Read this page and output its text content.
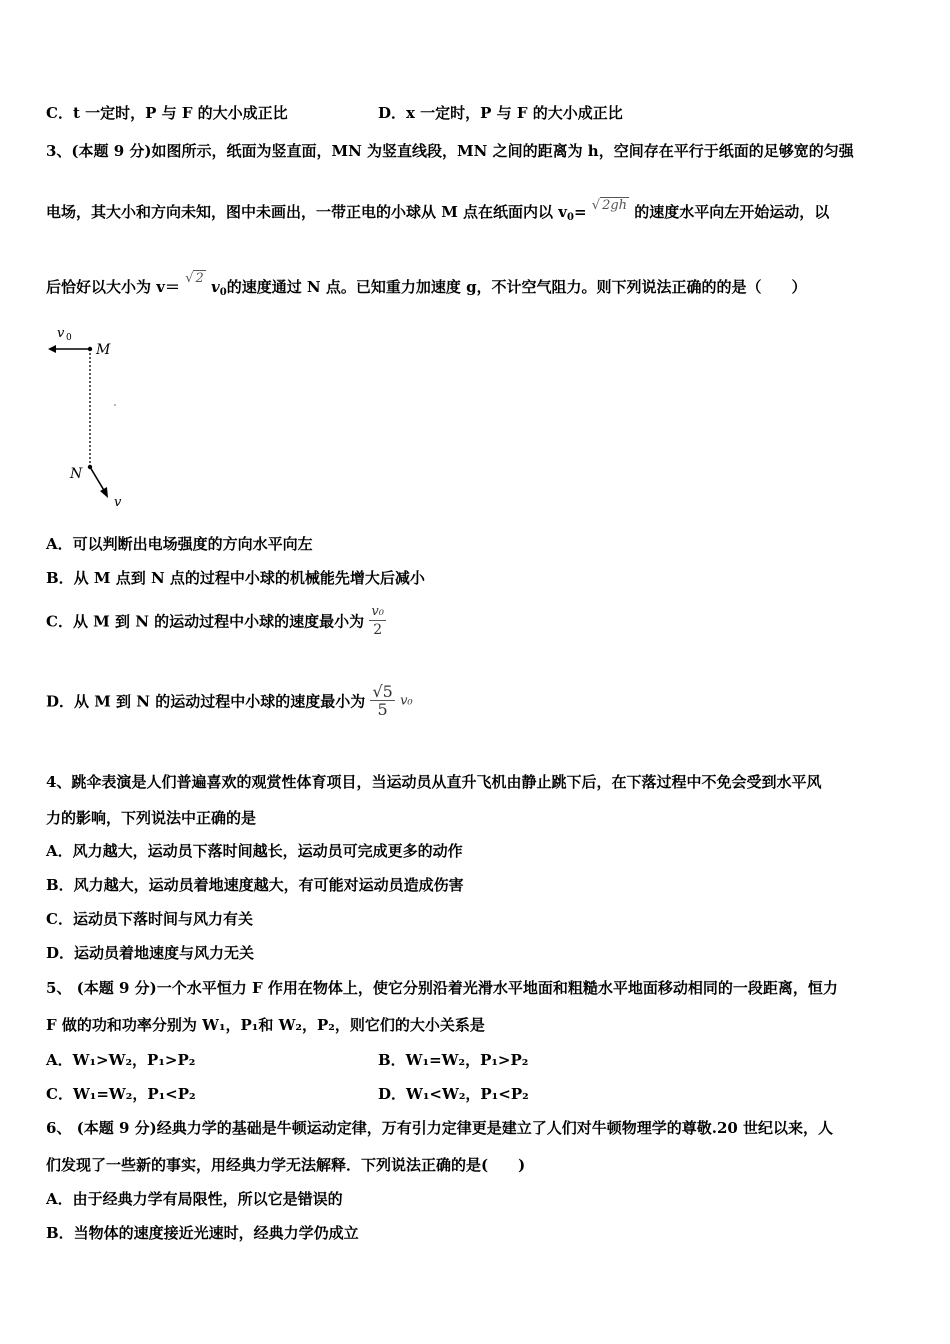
C．t 一定时，P 与 F 的大小成正比	D．x 一定时，P 与 F 的大小成正比
3、(本题 9 分)如图所示，纸面为竖直面，MN 为竖直线段，MN 之间的距离为 h，空间存在平行于纸面的足够宽的匀强
电场，其大小和方向未知，图中未画出，一带正电的小球从 M 点在纸面内以 $v_0=$ √ 2gh 的速度水平向左开始运动，以
后恰好以大小为 v＝ √ 2 $v_0$的速度通过 N 点。已知重力加速度 g，不计空气阻力。则下列说法正确的的是（　　）
v 0
M
N
v
A．可以判断出电场强度的方向水平向左
B．从 M 点到 N 点的过程中小球的机械能先增大后减小
C．从 M 到 N 的运动过程中小球的速度最小为 $\frac{\text{v₀}}{2}$
D．从 M 到 N 的运动过程中小球的速度最小为 $\frac{√5}{5} v_0$
4、跳伞表演是人们普遍喜欢的观赏性体育项目，当运动员从直升飞机由静止跳下后，在下落过程中不免会受到水平风
力的影响，下列说法中正确的是
A．风力越大，运动员下落时间越长，运动员可完成更多的动作
B．风力越大，运动员着地速度越大，有可能对运动员造成伤害
C．运动员下落时间与风力有关
D．运动员着地速度与风力无关
5、 (本题 9 分)一个水平恒力 F 作用在物体上，使它分别沿着光滑水平地面和粗糙水平地面移动相同的一段距离，恒力
F 做的功和功率分别为 W₁，P₁和 W₂，P₂，则它们的大小关系是
A．W₁>W₂，P₁>P₂	B．W₁=W₂，P₁>P₂
C．W₁=W₂，P₁<P₂	D．W₁<W₂，P₁<P₂
6、 (本题 9 分)经典力学的基础是牛顿运动定律，万有引力定律更是建立了人们对牛顿物理学的尊敬.20 世纪以来，人
们发现了一些新的事实，用经典力学无法解释．下列说法正确的是(　　)
A．由于经典力学有局限性，所以它是错误的
B．当物体的速度接近光速时，经典力学仍成立
